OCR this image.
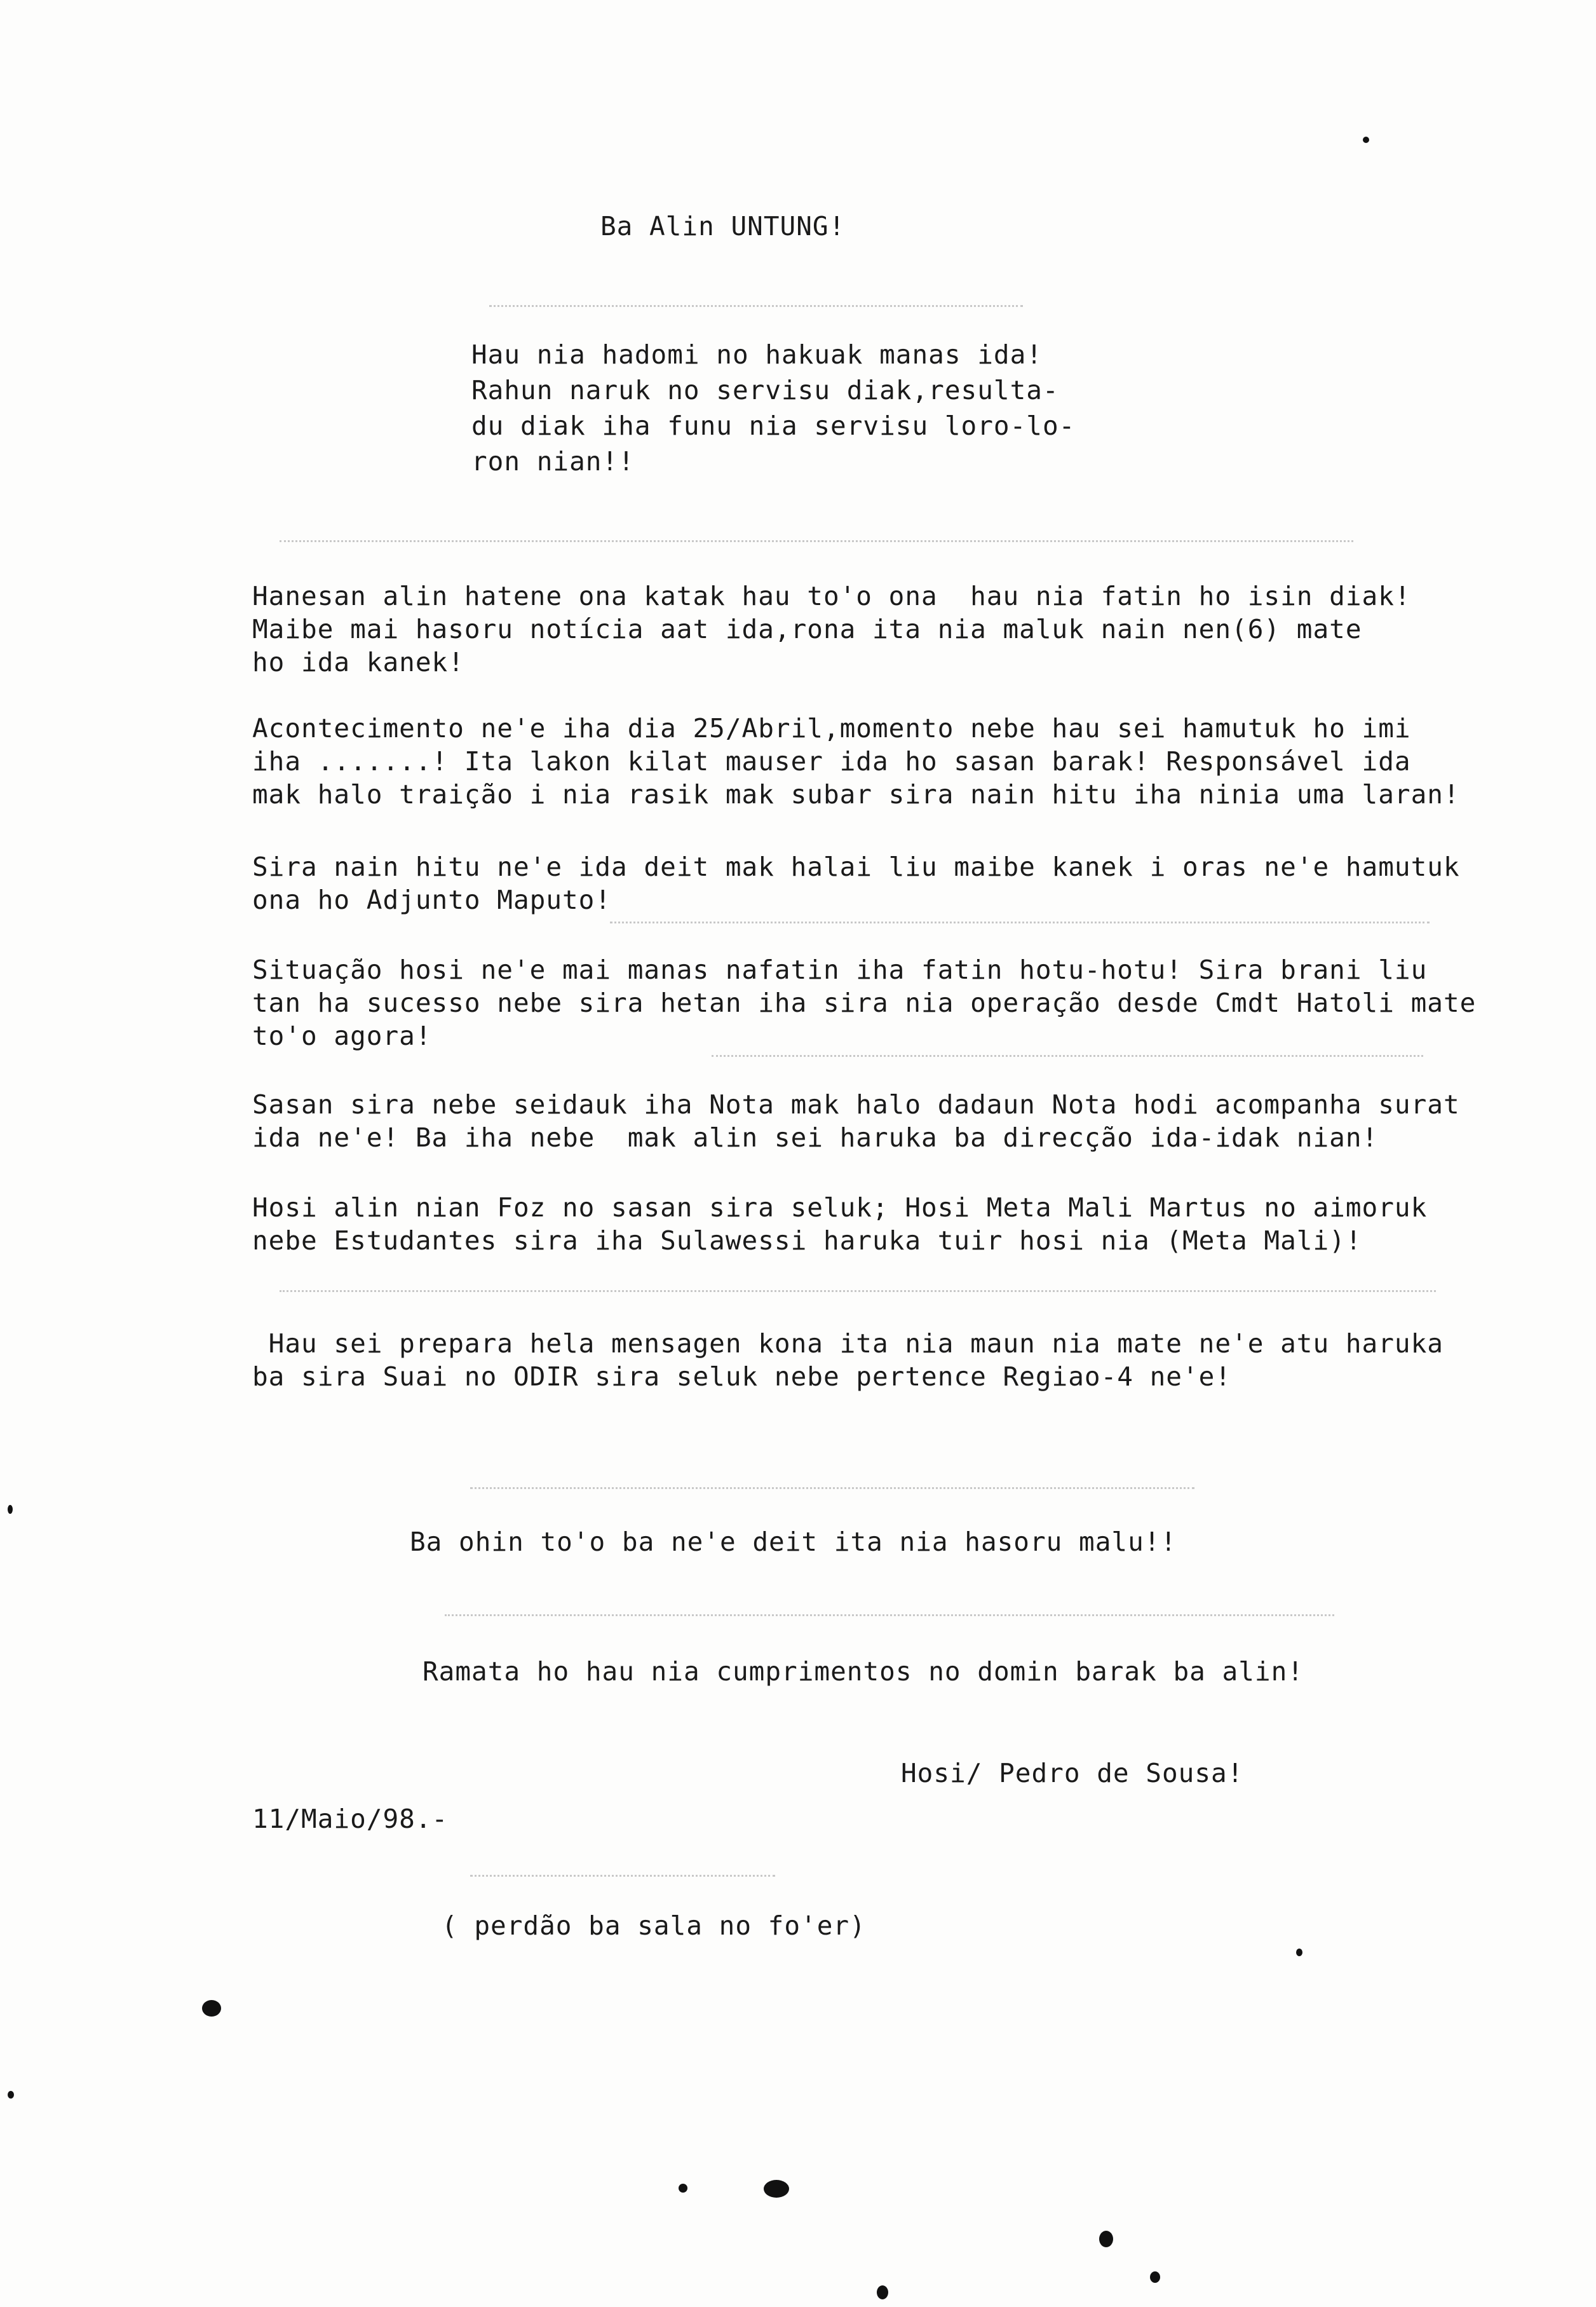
Ba Alin UNTUNG!
Hau nia hadomi no hakuak manas ida!
Rahun naruk no servisu diak,resulta-
du diak iha funu nia servisu loro-lo-
ron nian!!
Hanesan alin hatene ona katak hau to'o ona  hau nia fatin ho isin diak!
Maibe mai hasoru notícia aat ida,rona ita nia maluk nain nen(6) mate
ho ida kanek!
Acontecimento ne'e iha dia 25/Abril,momento nebe hau sei hamutuk ho imi
iha .......! Ita lakon kilat mauser ida ho sasan barak! Responsável ida
mak halo traição i nia rasik mak subar sira nain hitu iha ninia uma laran!
Sira nain hitu ne'e ida deit mak halai liu maibe kanek i oras ne'e hamutuk
ona ho Adjunto Maputo!
Situação hosi ne'e mai manas nafatin iha fatin hotu-hotu! Sira brani liu
tan ha sucesso nebe sira hetan iha sira nia operação desde Cmdt Hatoli mate
to'o agora!
Sasan sira nebe seidauk iha Nota mak halo dadaun Nota hodi acompanha surat
ida ne'e! Ba iha nebe  mak alin sei haruka ba direcção ida-idak nian!
Hosi alin nian Foz no sasan sira seluk; Hosi Meta Mali Martus no aimoruk
nebe Estudantes sira iha Sulawessi haruka tuir hosi nia (Meta Mali)!
Hau sei prepara hela mensagen kona ita nia maun nia mate ne'e atu haruka
ba sira Suai no ODIR sira seluk nebe pertence Regiao-4 ne'e!
Ba ohin to'o ba ne'e deit ita nia hasoru malu!!
Ramata ho hau nia cumprimentos no domin barak ba alin!
Hosi/ Pedro de Sousa!
11/Maio/98.-
( perdão ba sala no fo'er)
